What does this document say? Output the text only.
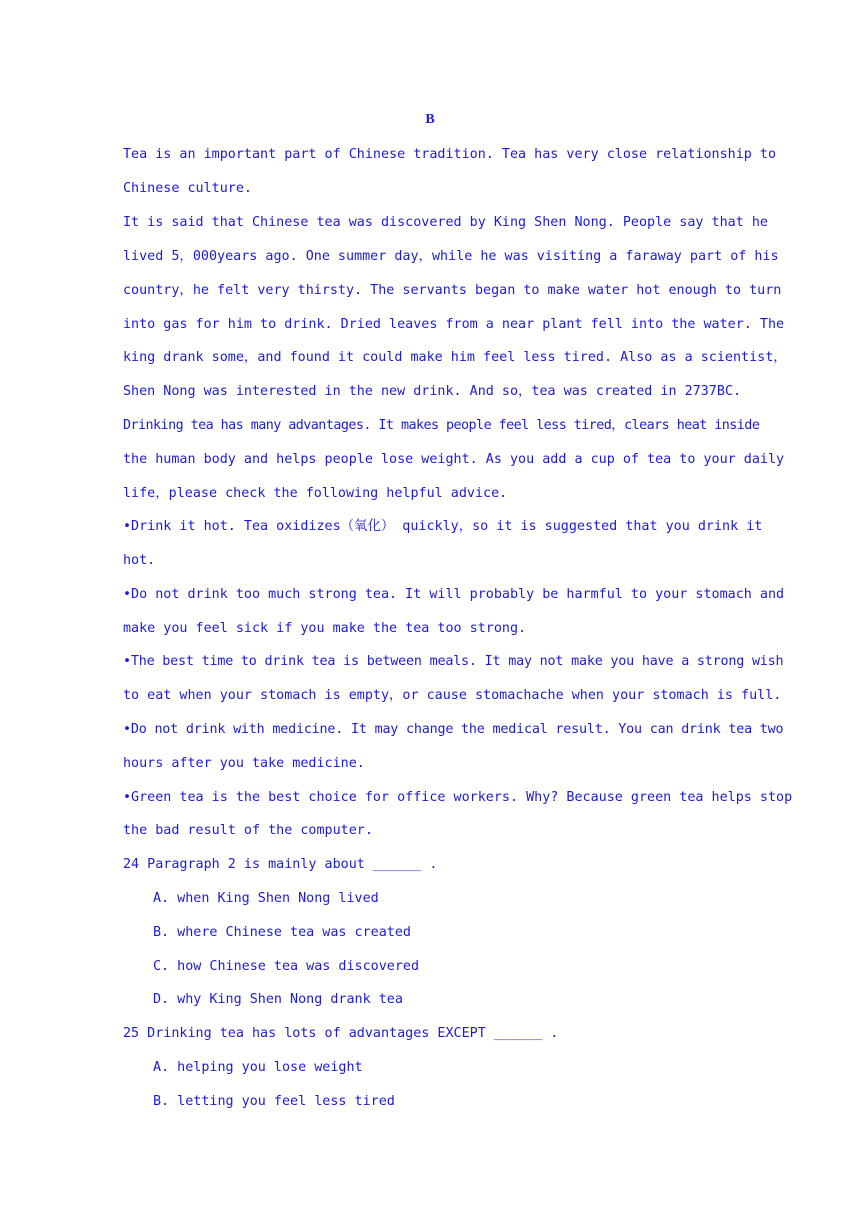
B
Tea is an important part of Chinese tradition. Tea has very close relationship to
Chinese culture.
It is said that Chinese tea was discovered by King Shen Nong. People say that he
lived 5，000years ago. One summer day，while he was visiting a faraway part of his
country，he felt very thirsty. The servants began to make water hot enough to turn
into gas for him to drink. Dried leaves from a near plant fell into the water. The
king drank some，and found it could make him feel less tired. Also as a scientist，
Shen Nong was interested in the new drink. And so，tea was created in 2737BC.
Drinking tea has many advantages. It makes people feel less tired，clears heat inside
the human body and helps people lose weight. As you add a cup of tea to your daily
life，please check the following helpful advice.
•Drink it hot. Tea oxidizes（氧化） quickly，so it is suggested that you drink it
hot.
•Do not drink too much strong tea. It will probably be harmful to your stomach and
make you feel sick if you make the tea too strong.
•The best time to drink tea is between meals. It may not make you have a strong wish
to eat when your stomach is empty，or cause stomachache when your stomach is full.
•Do not drink with medicine. It may change the medical result. You can drink tea two
hours after you take medicine.
•Green tea is the best choice for office workers. Why? Because green tea helps stop
the bad result of the computer.
24 Paragraph 2 is mainly about ______ .
A. when King Shen Nong lived
B. where Chinese tea was created
C. how Chinese tea was discovered
D. why King Shen Nong drank tea
25 Drinking tea has lots of advantages EXCEPT ______ .
A. helping you lose weight
B. letting you feel less tired
